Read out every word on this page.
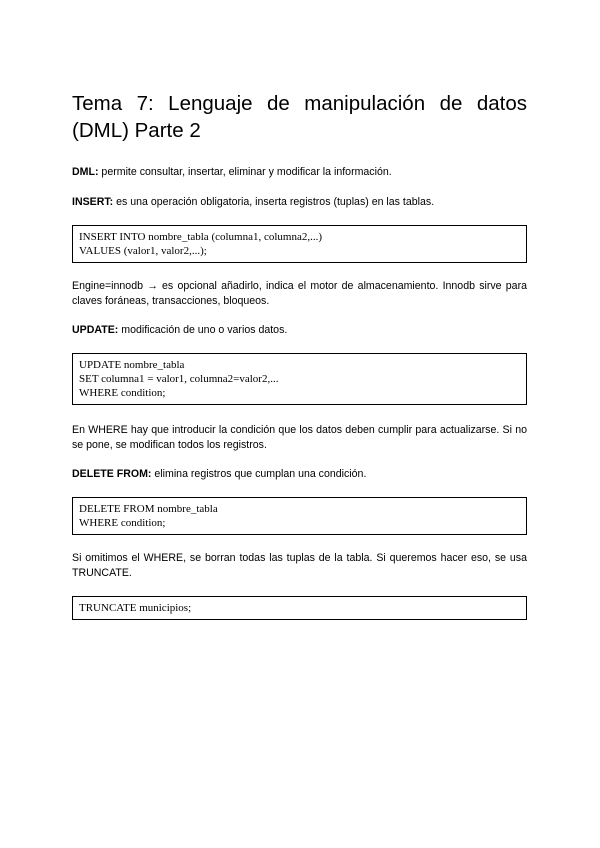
Tema 7: Lenguaje de manipulación de datos (DML) Parte 2

DML: permite consultar, insertar, eliminar y modificar la información.

INSERT: es una operación obligatoria, inserta registros (tuplas) en las tablas.

INSERT INTO nombre_tabla (columna1, columna2,...)
VALUES (valor1, valor2,...);

Engine=innodb → es opcional añadirlo, indica el motor de almacenamiento. Innodb sirve para claves foráneas, transacciones, bloqueos.

UPDATE: modificación de uno o varios datos.

UPDATE nombre_tabla
SET columna1 = valor1, columna2=valor2,...
WHERE condition;

En WHERE hay que introducir la condición que los datos deben cumplir para actualizarse. Si no se pone, se modifican todos los registros.

DELETE FROM: elimina registros que cumplan una condición.

DELETE FROM nombre_tabla
WHERE condition;

Si omitimos el WHERE, se borran todas las tuplas de la tabla. Si queremos hacer eso, se usa TRUNCATE.

TRUNCATE municipios;
